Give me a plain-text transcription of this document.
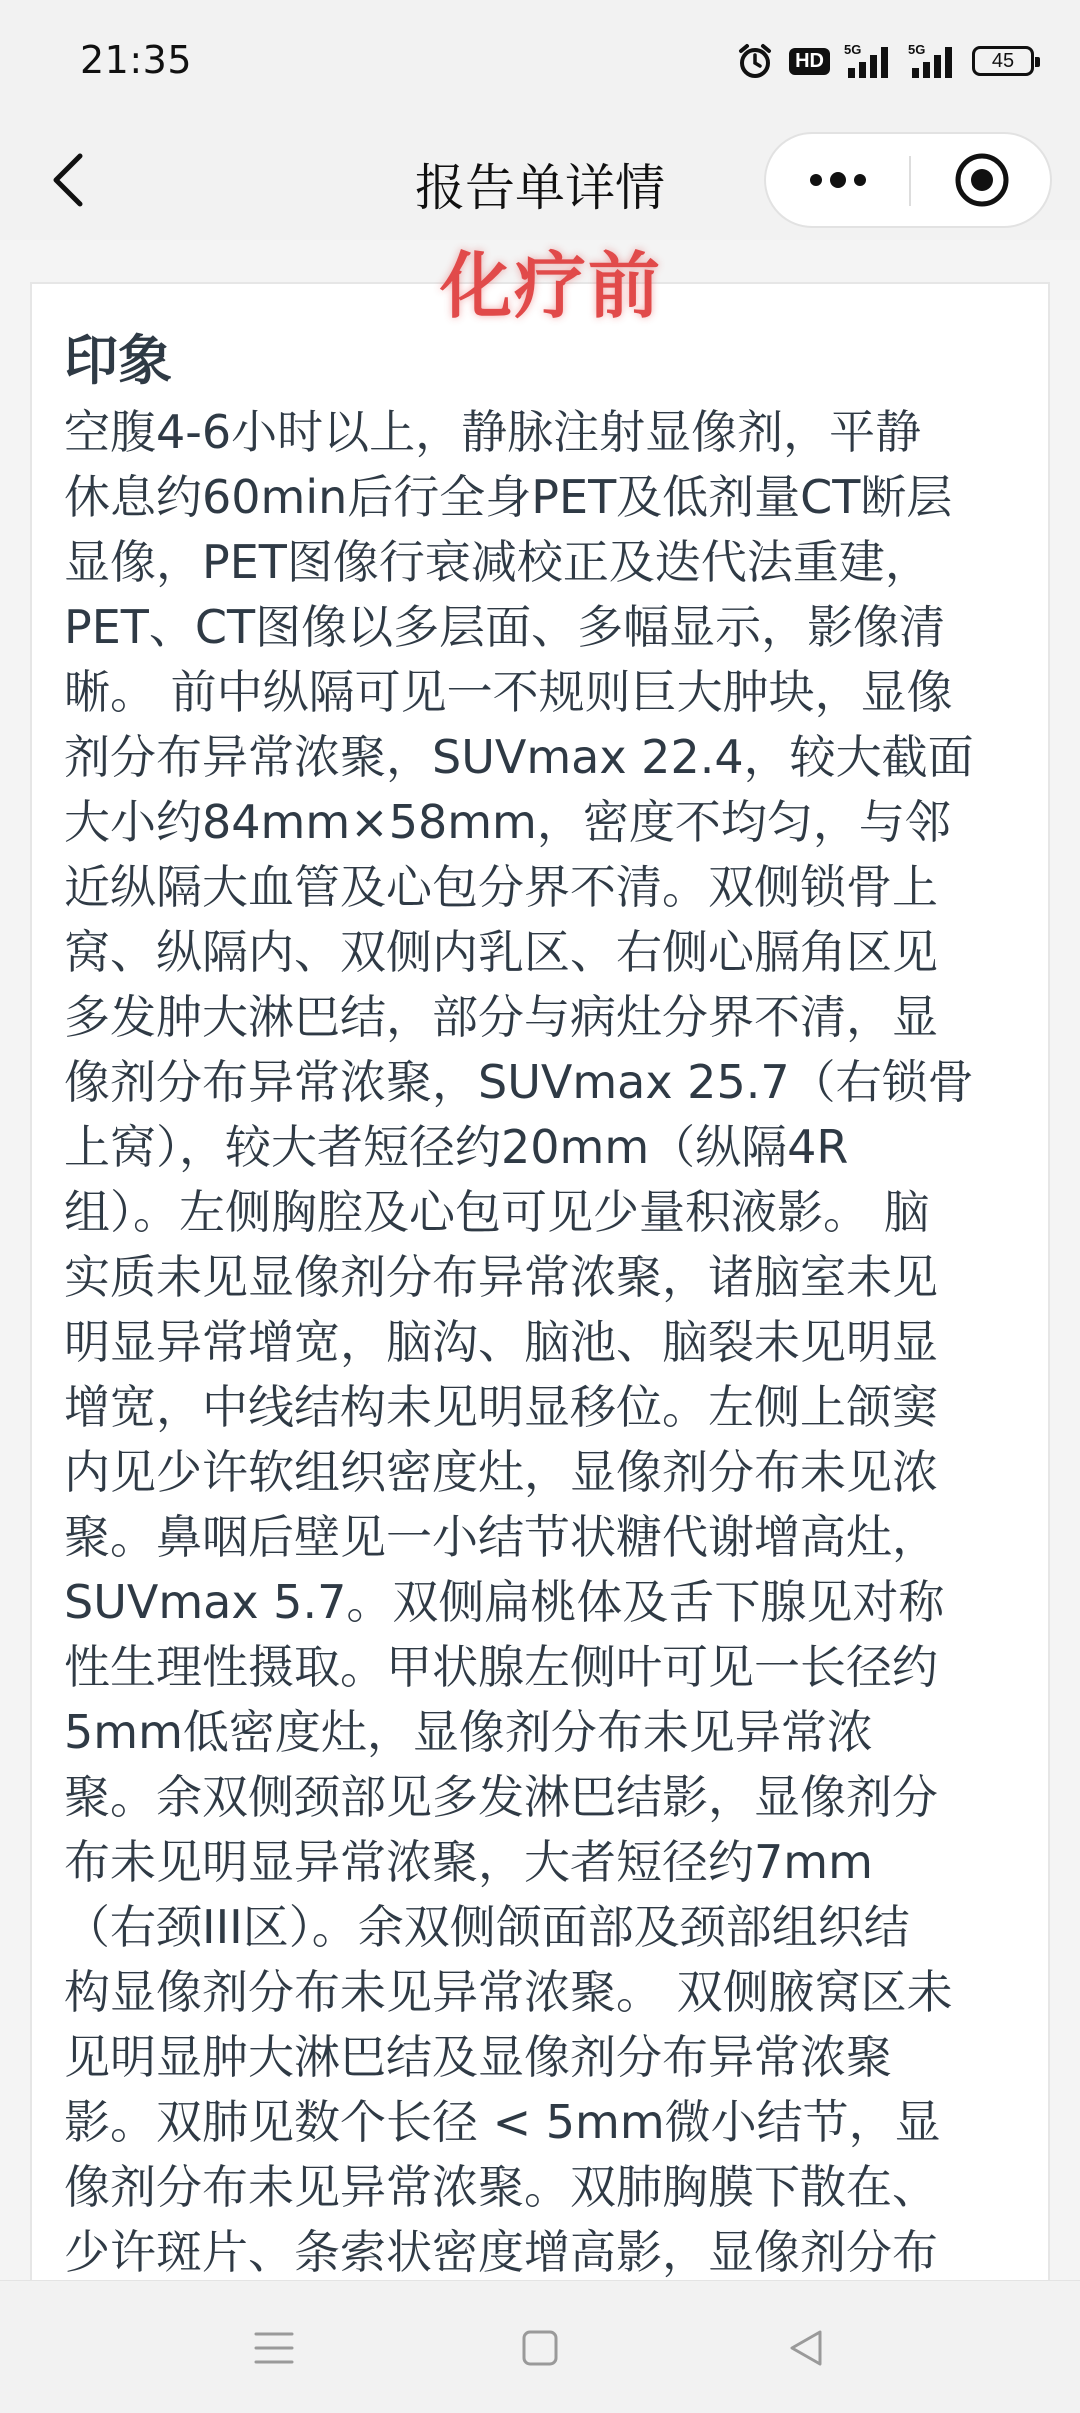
21:35	HD	5G	5G	45
报告单详情
化疗前
印象
空腹4-6小时以上，静脉注射显像剂，平静
休息约60min后行全身PET及低剂量CT断层
显像，PET图像行衰减校正及迭代法重建，
PET、CT图像以多层面、多幅显示，影像清
晰。 前中纵隔可见一不规则巨大肿块，显像
剂分布异常浓聚，SUVmax 22.4，较大截面
大小约84mm×58mm，密度不均匀，与邻
近纵隔大血管及心包分界不清。双侧锁骨上
窝、纵隔内、双侧内乳区、右侧心膈角区见
多发肿大淋巴结，部分与病灶分界不清，显
像剂分布异常浓聚，SUVmax 25.7（右锁骨
上窝），较大者短径约20mm（纵隔4R
组）。左侧胸腔及心包可见少量积液影。 脑
实质未见显像剂分布异常浓聚，诸脑室未见
明显异常增宽，脑沟、脑池、脑裂未见明显
增宽，中线结构未见明显移位。左侧上颌窦
内见少许软组织密度灶，显像剂分布未见浓
聚。鼻咽后壁见一小结节状糖代谢增高灶，
SUVmax 5.7。双侧扁桃体及舌下腺见对称
性生理性摄取。甲状腺左侧叶可见一长径约
5mm低密度灶，显像剂分布未见异常浓
聚。余双侧颈部见多发淋巴结影，显像剂分
布未见明显异常浓聚，大者短径约7mm
（右颈III区）。余双侧颌面部及颈部组织结
构显像剂分布未见异常浓聚。 双侧腋窝区未
见明显肿大淋巴结及显像剂分布异常浓聚
影。双肺见数个长径 < 5mm微小结节，显
像剂分布未见异常浓聚。双肺胸膜下散在、
少许斑片、条索状密度增高影，显像剂分布
